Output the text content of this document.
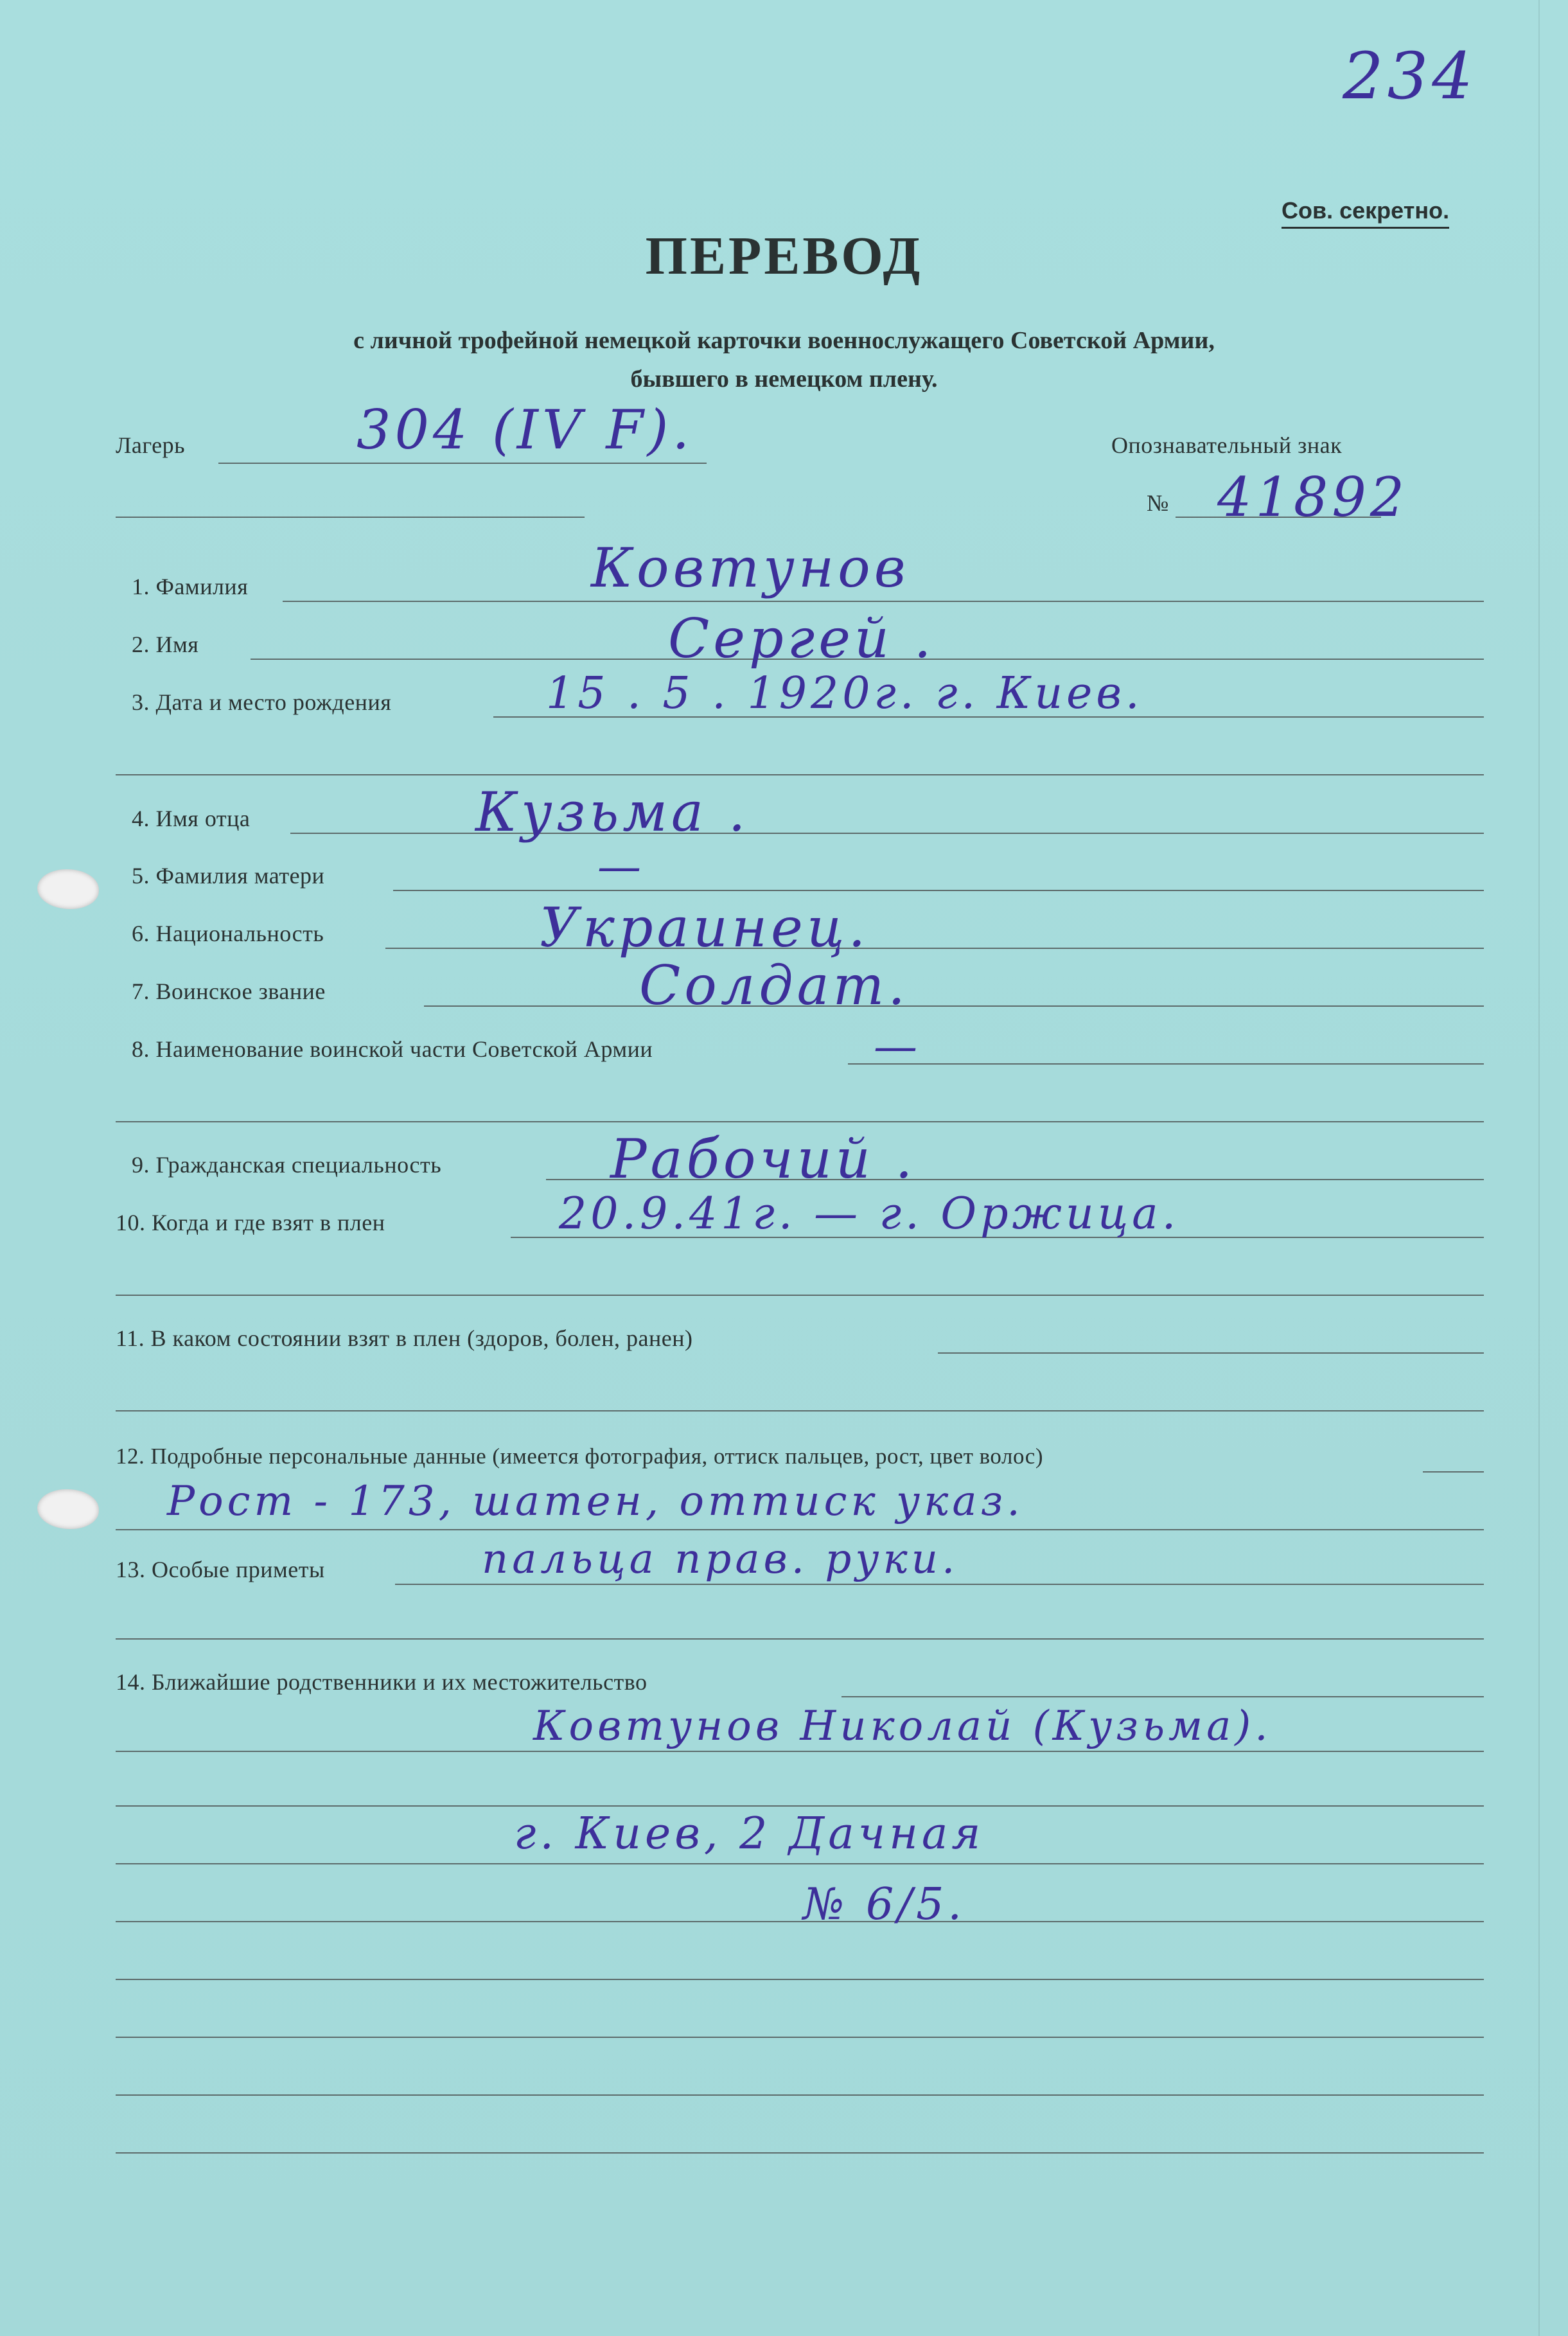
234
Сов. секретно.
ПЕРЕВОД
с личной трофейной немецкой карточки военнослужащего Советской Армии,
бывшего в немецком плену.
Лагерь	Опознавательный знак
№
1. Фамилия
2. Имя
3. Дата и место рождения
4. Имя отца
5. Фамилия матери
6. Национальность
7. Воинское звание
8. Наименование воинской части Советской Армии
9. Гражданская специальность
10. Когда и где взят в плен
11. В каком состоянии взят в плен (здоров, болен, ранен)
12. Подробные персональные данные (имеется фотография, оттиск пальцев, рост, цвет волос)
13. Особые приметы
14. Ближайшие родственники и их местожительство
304 (IV F).
41892
Ковтунов
Сергей .
15 . 5 . 1920г. г. Киев.
Кузьма .
—
Украинец.
Солдат.
—
Рабочий .
20.9.41г. — г. Оржица.
Рост - 173, шатен, оттиск указ.
пальца прав. руки.
Ковтунов Николай (Кузьма).
г. Киев, 2 Дачная
№ 6/5.
